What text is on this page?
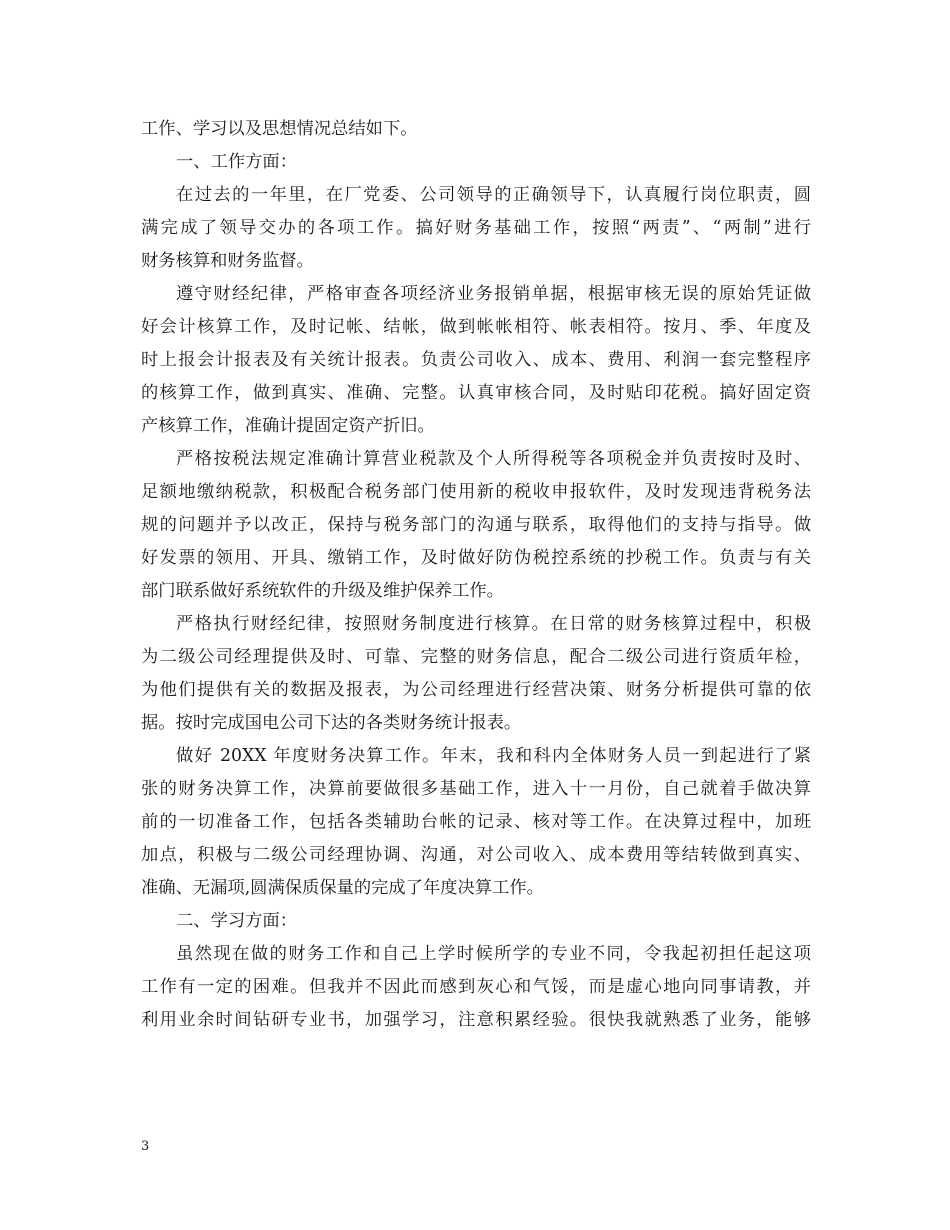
工作、学习以及思想情况总结如下。
一、工作方面：
在过去的一年里，在厂党委、公司领导的正确领导下，认真履行岗位职责，圆
满完成了领导交办的各项工作。搞好财务基础工作，按照“两责”、“两制”进行
财务核算和财务监督。
遵守财经纪律，严格审查各项经济业务报销单据，根据审核无误的原始凭证做
好会计核算工作，及时记帐、结帐，做到帐帐相符、帐表相符。按月、季、年度及
时上报会计报表及有关统计报表。负责公司收入、成本、费用、利润一套完整程序
的核算工作，做到真实、准确、完整。认真审核合同，及时贴印花税。搞好固定资
产核算工作，准确计提固定资产折旧。
严格按税法规定准确计算营业税款及个人所得税等各项税金并负责按时及时、
足额地缴纳税款，积极配合税务部门使用新的税收申报软件，及时发现违背税务法
规的问题并予以改正，保持与税务部门的沟通与联系，取得他们的支持与指导。做
好发票的领用、开具、缴销工作，及时做好防伪税控系统的抄税工作。负责与有关
部门联系做好系统软件的升级及维护保养工作。
严格执行财经纪律，按照财务制度进行核算。在日常的财务核算过程中，积极
为二级公司经理提供及时、可靠、完整的财务信息，配合二级公司进行资质年检，
为他们提供有关的数据及报表，为公司经理进行经营决策、财务分析提供可靠的依
据。按时完成国电公司下达的各类财务统计报表。
做好 20XX 年度财务决算工作。年末，我和科内全体财务人员一到起进行了紧
张的财务决算工作，决算前要做很多基础工作，进入十一月份，自己就着手做决算
前的一切准备工作，包括各类辅助台帐的记录、核对等工作。在决算过程中，加班
加点，积极与二级公司经理协调、沟通，对公司收入、成本费用等结转做到真实、
准确、无漏项,圆满保质保量的完成了年度决算工作。
二、学习方面：
虽然现在做的财务工作和自己上学时候所学的专业不同，令我起初担任起这项
工作有一定的困难。但我并不因此而感到灰心和气馁，而是虚心地向同事请教，并
利用业余时间钻研专业书，加强学习，注意积累经验。很快我就熟悉了业务，能够
3
